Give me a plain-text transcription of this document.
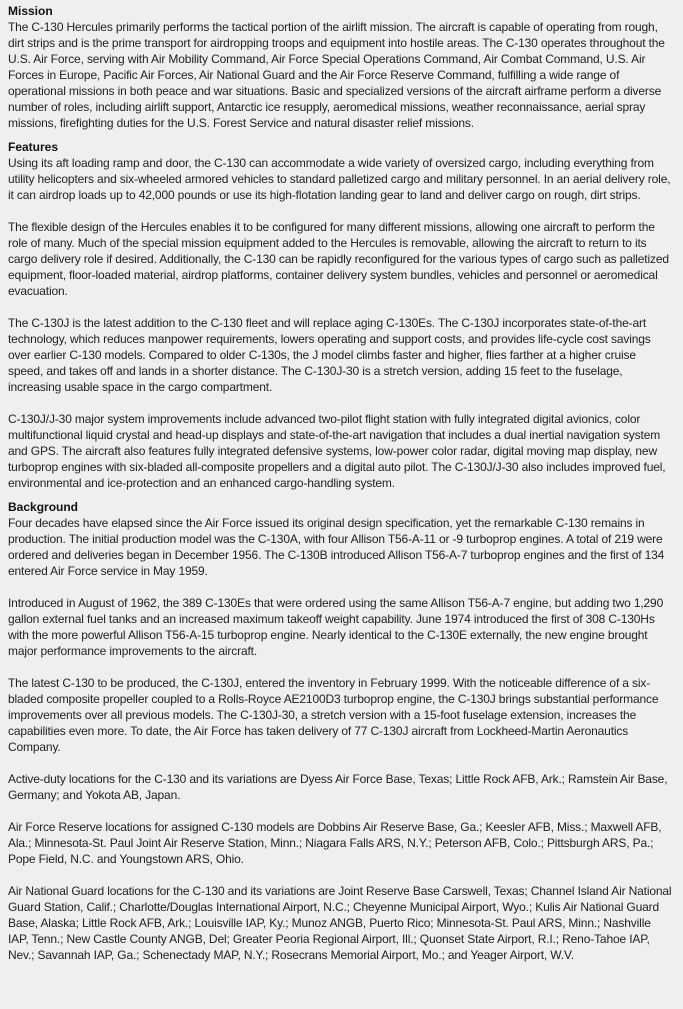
Mission

The C-130 Hercules primarily performs the tactical portion of the airlift mission. The aircraft is capable of operating from rough, dirt strips and is the prime transport for airdropping troops and equipment into hostile areas. The C-130 operates throughout the U.S. Air Force, serving with Air Mobility Command, Air Force Special Operations Command, Air Combat Command, U.S. Air Forces in Europe, Pacific Air Forces, Air National Guard and the Air Force Reserve Command, fulfilling a wide range of operational missions in both peace and war situations. Basic and specialized versions of the aircraft airframe perform a diverse number of roles, including airlift support, Antarctic ice resupply, aeromedical missions, weather reconnaissance, aerial spray missions, firefighting duties for the U.S. Forest Service and natural disaster relief missions.

Features

Using its aft loading ramp and door, the C-130 can accommodate a wide variety of oversized cargo, including everything from utility helicopters and six-wheeled armored vehicles to standard palletized cargo and military personnel. In an aerial delivery role, it can airdrop loads up to 42,000 pounds or use its high-flotation landing gear to land and deliver cargo on rough, dirt strips.

The flexible design of the Hercules enables it to be configured for many different missions, allowing one aircraft to perform the role of many. Much of the special mission equipment added to the Hercules is removable, allowing the aircraft to return to its cargo delivery role if desired. Additionally, the C-130 can be rapidly reconfigured for the various types of cargo such as palletized equipment, floor-loaded material, airdrop platforms, container delivery system bundles, vehicles and personnel or aeromedical evacuation.

The C-130J is the latest addition to the C-130 fleet and will replace aging C-130Es. The C-130J incorporates state-of-the-art technology, which reduces manpower requirements, lowers operating and support costs, and provides life-cycle cost savings over earlier C-130 models. Compared to older C-130s, the J model climbs faster and higher, flies farther at a higher cruise speed, and takes off and lands in a shorter distance. The C-130J-30 is a stretch version, adding 15 feet to the fuselage, increasing usable space in the cargo compartment.

C-130J/J-30 major system improvements include advanced two-pilot flight station with fully integrated digital avionics, color multifunctional liquid crystal and head-up displays and state-of-the-art navigation that includes a dual inertial navigation system and GPS. The aircraft also features fully integrated defensive systems, low-power color radar, digital moving map display, new turboprop engines with six-bladed all-composite propellers and a digital auto pilot. The C-130J/J-30 also includes improved fuel, environmental and ice-protection and an enhanced cargo-handling system.

Background

Four decades have elapsed since the Air Force issued its original design specification, yet the remarkable C-130 remains in production. The initial production model was the C-130A, with four Allison T56-A-11 or -9 turboprop engines. A total of 219 were ordered and deliveries began in December 1956. The C-130B introduced Allison T56-A-7 turboprop engines and the first of 134 entered Air Force service in May 1959.

Introduced in August of 1962, the 389 C-130Es that were ordered using the same Allison T56-A-7 engine, but adding two 1,290 gallon external fuel tanks and an increased maximum takeoff weight capability. June 1974 introduced the first of 308 C-130Hs with the more powerful Allison T56-A-15 turboprop engine. Nearly identical to the C-130E externally, the new engine brought major performance improvements to the aircraft.

The latest C-130 to be produced, the C-130J, entered the inventory in February 1999. With the noticeable difference of a six-bladed composite propeller coupled to a Rolls-Royce AE2100D3 turboprop engine, the C-130J brings substantial performance improvements over all previous models. The C-130J-30, a stretch version with a 15-foot fuselage extension, increases the capabilities even more. To date, the Air Force has taken delivery of 77 C-130J aircraft from Lockheed-Martin Aeronautics Company.

Active-duty locations for the C-130 and its variations are Dyess Air Force Base, Texas; Little Rock AFB, Ark.; Ramstein Air Base, Germany; and Yokota AB, Japan.

Air Force Reserve locations for assigned C-130 models are Dobbins Air Reserve Base, Ga.; Keesler AFB, Miss.; Maxwell AFB, Ala.; Minnesota-St. Paul Joint Air Reserve Station, Minn.; Niagara Falls ARS, N.Y.; Peterson AFB, Colo.; Pittsburgh ARS, Pa.; Pope Field, N.C. and Youngstown ARS, Ohio.

Air National Guard locations for the C-130 and its variations are Joint Reserve Base Carswell, Texas; Channel Island Air National Guard Station, Calif.; Charlotte/Douglas International Airport, N.C.; Cheyenne Municipal Airport, Wyo.; Kulis Air National Guard Base, Alaska; Little Rock AFB, Ark.; Louisville IAP, Ky.; Munoz ANGB, Puerto Rico; Minnesota-St. Paul ARS, Minn.; Nashville IAP, Tenn.; New Castle County ANGB, Del; Greater Peoria Regional Airport, Ill.; Quonset State Airport, R.I.; Reno-Tahoe IAP, Nev.; Savannah IAP, Ga.; Schenectady MAP, N.Y.; Rosecrans Memorial Airport, Mo.; and Yeager Airport, W.V.
